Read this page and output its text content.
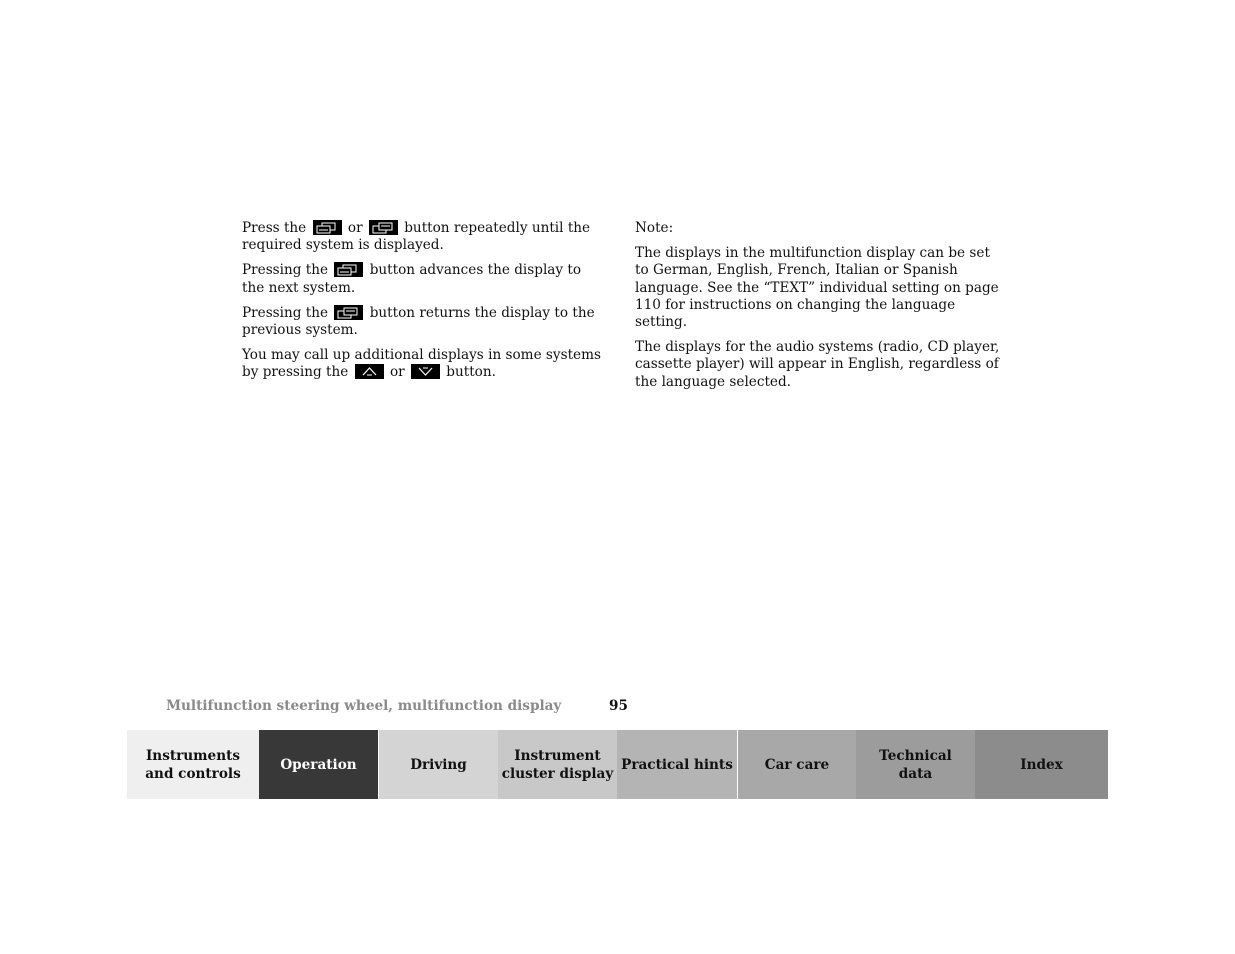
Press the	or	button repeatedly until the required system is displayed.

Pressing the	button advances the display to the next system.

Pressing the	button returns the display to the previous system.

You may call up additional displays in some systems by pressing the	or	button.

Note:

The displays in the multifunction display can be set to German, English, French, Italian or Spanish language. See the “TEXT” individual setting on page 110 for instructions on changing the language setting.

The displays for the audio systems (radio, CD player, cassette player) will appear in English, regardless of the language selected.

Multifunction steering wheel, multifunction display	95
Instruments
and controls
Operation	Driving
Instrument
cluster display
Practical hints Car care
Technical
data
Index
